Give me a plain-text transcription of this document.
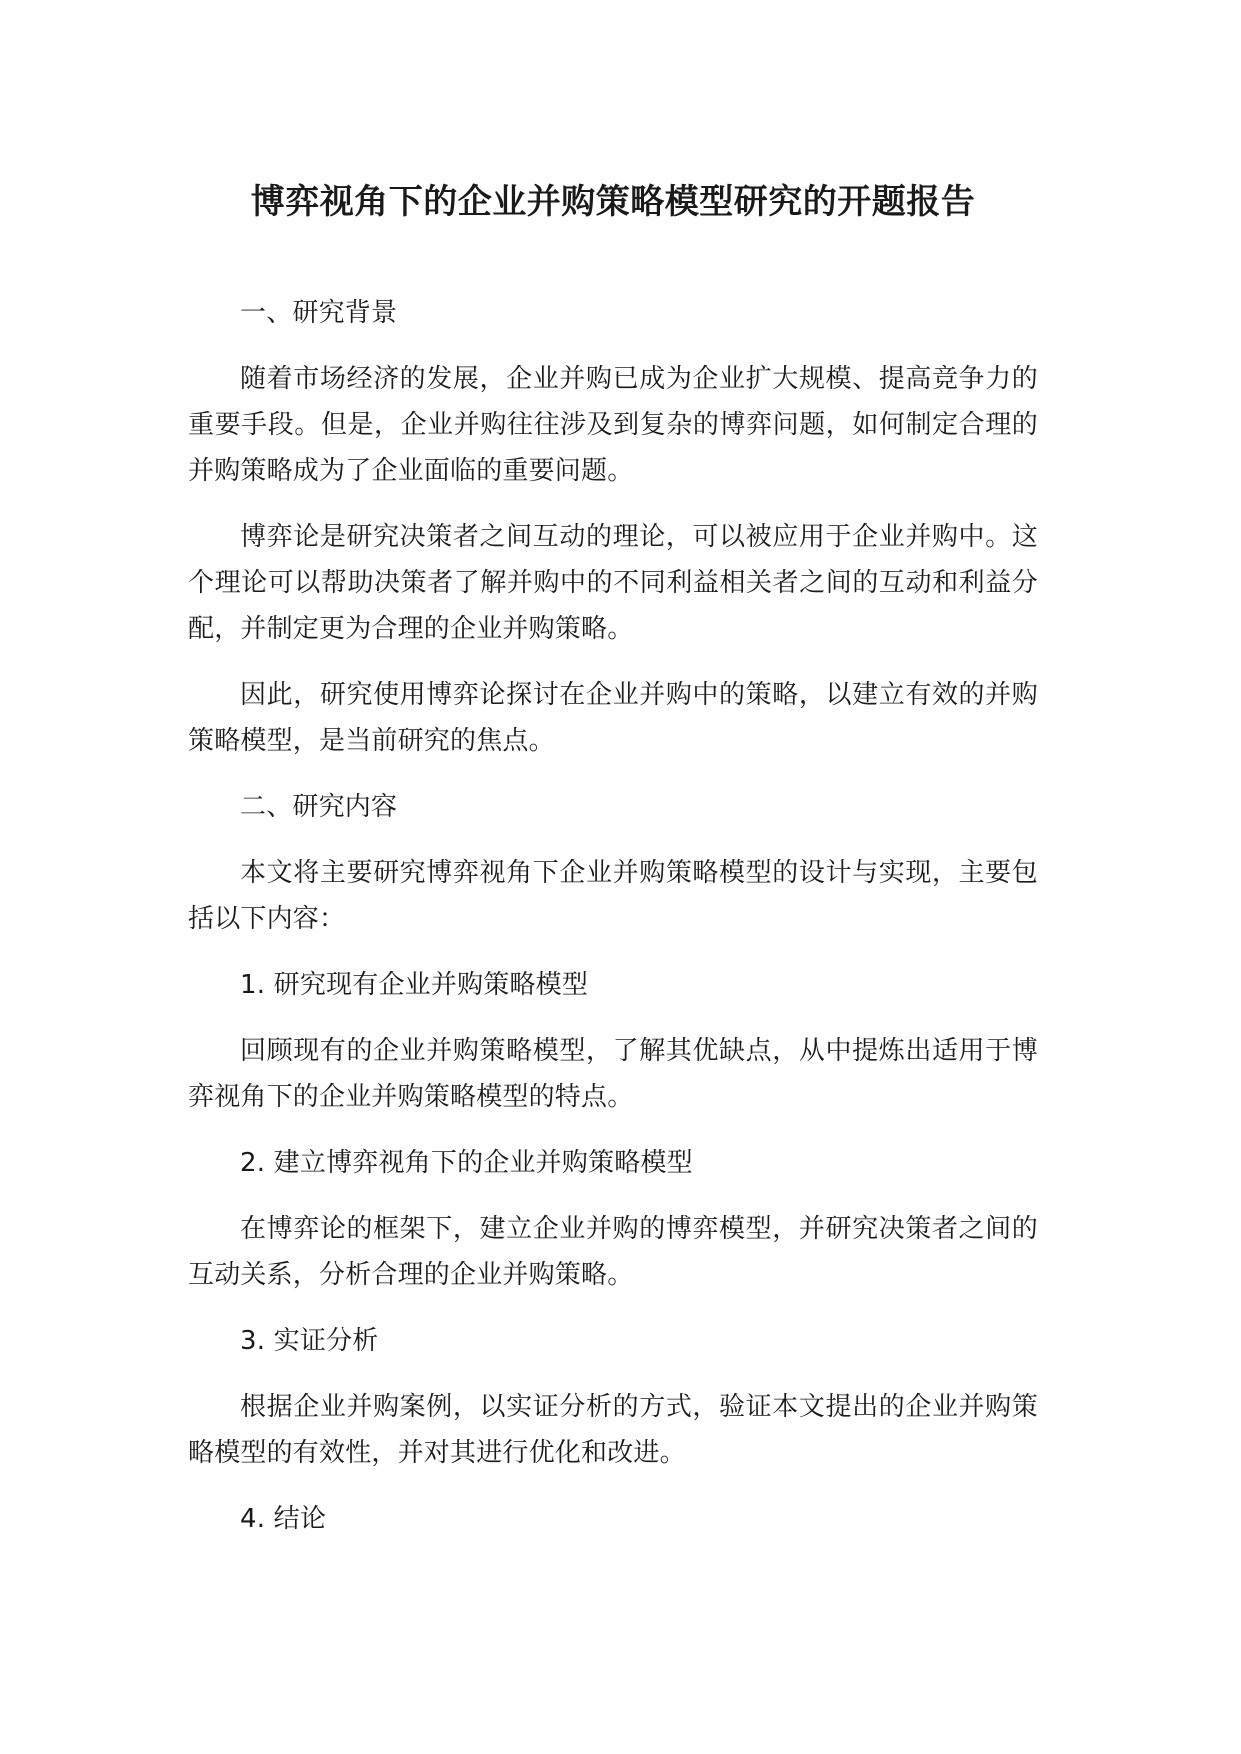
博弈视角下的企业并购策略模型研究的开题报告

一、研究背景

随着市场经济的发展，企业并购已成为企业扩大规模、提高竞争力的重要手段。但是，企业并购往往涉及到复杂的博弈问题，如何制定合理的并购策略成为了企业面临的重要问题。

博弈论是研究决策者之间互动的理论，可以被应用于企业并购中。这个理论可以帮助决策者了解并购中的不同利益相关者之间的互动和利益分配，并制定更为合理的企业并购策略。

因此，研究使用博弈论探讨在企业并购中的策略，以建立有效的并购策略模型，是当前研究的焦点。

二、研究内容

本文将主要研究博弈视角下企业并购策略模型的设计与实现，主要包括以下内容：

1. 研究现有企业并购策略模型

回顾现有的企业并购策略模型，了解其优缺点，从中提炼出适用于博弈视角下的企业并购策略模型的特点。

2. 建立博弈视角下的企业并购策略模型

在博弈论的框架下，建立企业并购的博弈模型，并研究决策者之间的互动关系，分析合理的企业并购策略。

3. 实证分析

根据企业并购案例，以实证分析的方式，验证本文提出的企业并购策略模型的有效性，并对其进行优化和改进。

4. 结论
